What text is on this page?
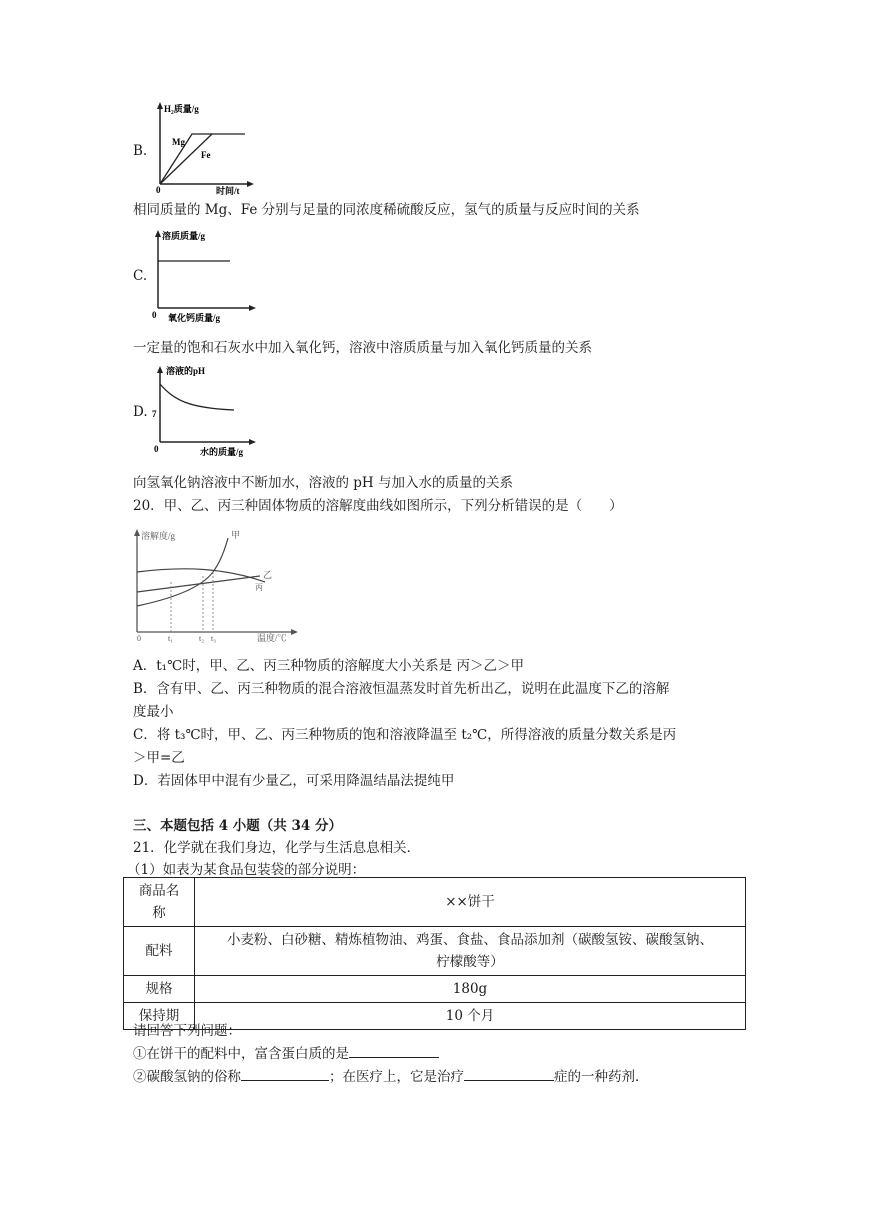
B.
H₂质量/g
Mg
Fe
0	时间/t
相同质量的 Mg、Fe 分别与足量的同浓度稀硫酸反应，氢气的质量与反应时间的关系
C.
溶质质量/g
0 氧化钙质量/g
一定量的饱和石灰水中加入氧化钙，溶液中溶质质量与加入氧化钙质量的关系
D.
溶液的pH
7
0	水的质量/g
向氢氧化钠溶液中不断加水，溶液的 pH 与加入水的质量的关系
20．甲、乙、丙三种固体物质的溶解度曲线如图所示，下列分析错误的是（　　）
溶解度/g	甲
乙
丙
0	t₁	t₂ t₃	温度/℃
A．t₁℃时，甲、乙、丙三种物质的溶解度大小关系是 丙＞乙＞甲
B．含有甲、乙、丙三种物质的混合溶液恒温蒸发时首先析出乙，说明在此温度下乙的溶解
度最小
C．将 t₃℃时，甲、乙、丙三种物质的饱和溶液降温至 t₂℃，所得溶液的质量分数关系是丙
＞甲=乙
D．若固体甲中混有少量乙，可采用降温结晶法提纯甲
三、本题包括 4 小题（共 34 分）
21．化学就在我们身边，化学与生活息息相关．
（1）如表为某食品包装袋的部分说明：
商品名
称	××饼干
配料	小麦粉、白砂糖、精炼植物油、鸡蛋、食盐、食品添加剂（碳酸氢铵、碳酸氢钠、
柠檬酸等）
规格	180g
保持期	10 个月
请回答下列问题：
①在饼干的配料中，富含蛋白质的是
②碳酸氢钠的俗称	；在医疗上，它是治疗	症的一种药剂．
